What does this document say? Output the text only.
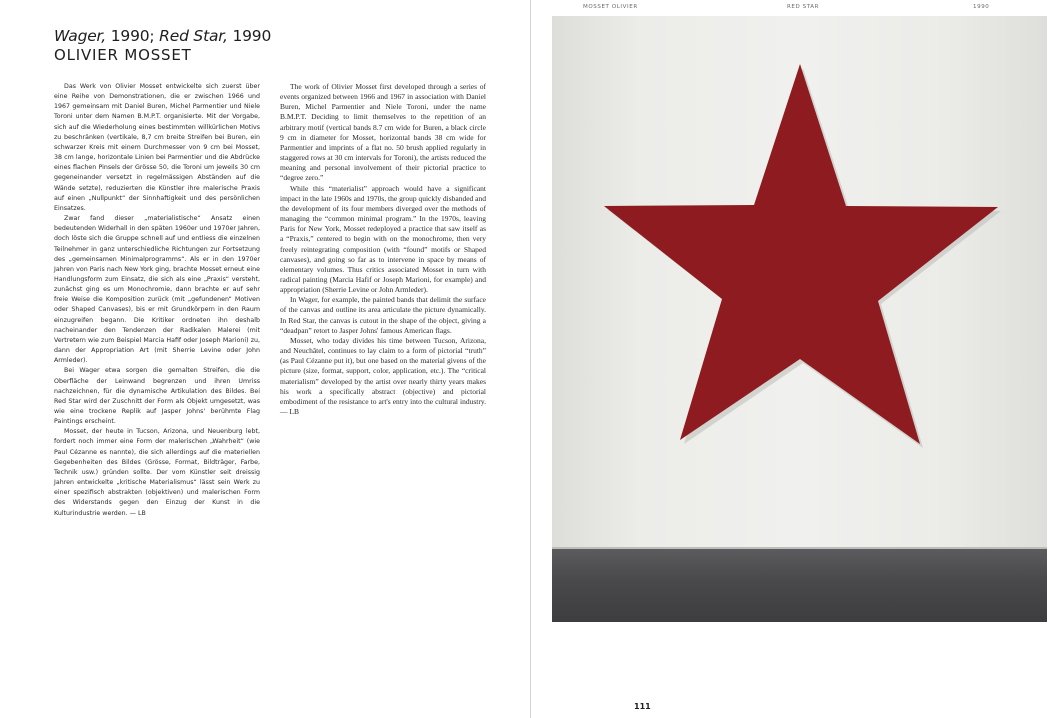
Wager, 1990; Red Star, 1990
OLIVIER MOSSET

Das Werk von Olivier Mosset entwickelte sich zuerst über eine Reihe von Demonstrationen, die er zwischen 1966 und 1967 gemeinsam mit Daniel Buren, Michel Parmentier und Niele Toroni unter dem Namen B.M.P.T. organisierte. Mit der Vorgabe, sich auf die Wiederholung eines bestimmten willkürlichen Motivs zu beschränken (vertikale, 8,7 cm breite Streifen bei Buren, ein schwarzer Kreis mit einem Durchmesser von 9 cm bei Mosset, 38 cm lange, horizontale Linien bei Parmentier und die Abdrücke eines flachen Pinsels der Grösse 50, die Toroni um jeweils 30 cm gegeneinander versetzt in regelmässigen Abständen auf die Wände setzte), reduzierten die Künstler ihre malerische Praxis auf einen „Nullpunkt“ der Sinnhaftigkeit und des persönlichen Einsatzes.

Zwar fand dieser „materialistische“ Ansatz einen bedeutenden Widerhall in den späten 1960er und 1970er Jahren, doch löste sich die Gruppe schnell auf und entliess die einzelnen Teilnehmer in ganz unterschiedliche Richtungen zur Fortsetzung des „gemeinsamen Minimalprogramms“. Als er in den 1970er Jahren von Paris nach New York ging, brachte Mosset erneut eine Handlungsform zum Einsatz, die sich als eine „Praxis“ versteht, zunächst ging es um Monochromie, dann brachte er auf sehr freie Weise die Komposition zurück (mit „gefundenen“ Motiven oder Shaped Canvases), bis er mit Grundkörpern in den Raum einzugreifen begann. Die Kritiker ordneten ihn deshalb nacheinander den Tendenzen der Radikalen Malerei (mit Vertretern wie zum Beispiel Marcia Hafif oder Joseph Marioni) zu, dann der Appropriation Art (mit Sherrie Levine oder John Armleder).

Bei Wager etwa sorgen die gemalten Streifen, die die Oberfläche der Leinwand begrenzen und ihren Umriss nachzeichnen, für die dynamische Artikulation des Bildes. Bei Red Star wird der Zuschnitt der Form als Objekt umgesetzt, was wie eine trockene Replik auf Jasper Johns' berühmte Flag Paintings erscheint.

Mosset, der heute in Tucson, Arizona, und Neuenburg lebt, fordert noch immer eine Form der malerischen „Wahrheit“ (wie Paul Cézanne es nannte), die sich allerdings auf die materiellen Gegebenheiten des Bildes (Grösse, Format, Bildträger, Farbe, Technik usw.) gründen sollte. Der vom Künstler seit dreissig Jahren entwickelte „kritische Materialismus“ lässt sein Werk zu einer spezifisch abstrakten (objektiven) und malerischen Form des Widerstands gegen den Einzug der Kunst in die Kulturindustrie werden. — LB

The work of Olivier Mosset first developed through a series of events organized between 1966 and 1967 in association with Daniel Buren, Michel Parmentier and Niele Toroni, under the name B.M.P.T. Deciding to limit themselves to the repetition of an arbitrary motif (vertical bands 8.7 cm wide for Buren, a black circle 9 cm in diameter for Mosset, horizontal bands 38 cm wide for Parmentier and imprints of a flat no. 50 brush applied regularly in staggered rows at 30 cm intervals for Toroni), the artists reduced the meaning and personal involvement of their pictorial practice to “degree zero.”

While this “materialist” approach would have a significant impact in the late 1960s and 1970s, the group quickly disbanded and the development of its four members diverged over the methods of managing the “common minimal program.” In the 1970s, leaving Paris for New York, Mosset redeployed a practice that saw itself as a “Praxis,” centered to begin with on the monochrome, then very freely reintegrating composition (with “found” motifs or Shaped canvases), and going so far as to intervene in space by means of elementary volumes. Thus critics associated Mosset in turn with radical painting (Marcia Hafif or Joseph Marioni, for example) and appropriation (Sherrie Levine or John Armleder).

In Wager, for example, the painted bands that delimit the surface of the canvas and outline its area articulate the picture dynamically. In Red Star, the canvas is cutout in the shape of the object, giving a “deadpan” retort to Jasper Johns' famous American flags.

Mosset, who today divides his time between Tucson, Arizona, and Neuchâtel, continues to lay claim to a form of pictorial “truth” (as Paul Cézanne put it), but one based on the material givens of the picture (size, format, support, color, application, etc.). The “critical materialism” developed by the artist over nearly thirty years makes his work a specifically abstract (objective) and pictorial embodiment of the resistance to art's entry into the cultural industry. — LB

MOSSET OLIVIER	RED STAR	1990
111
